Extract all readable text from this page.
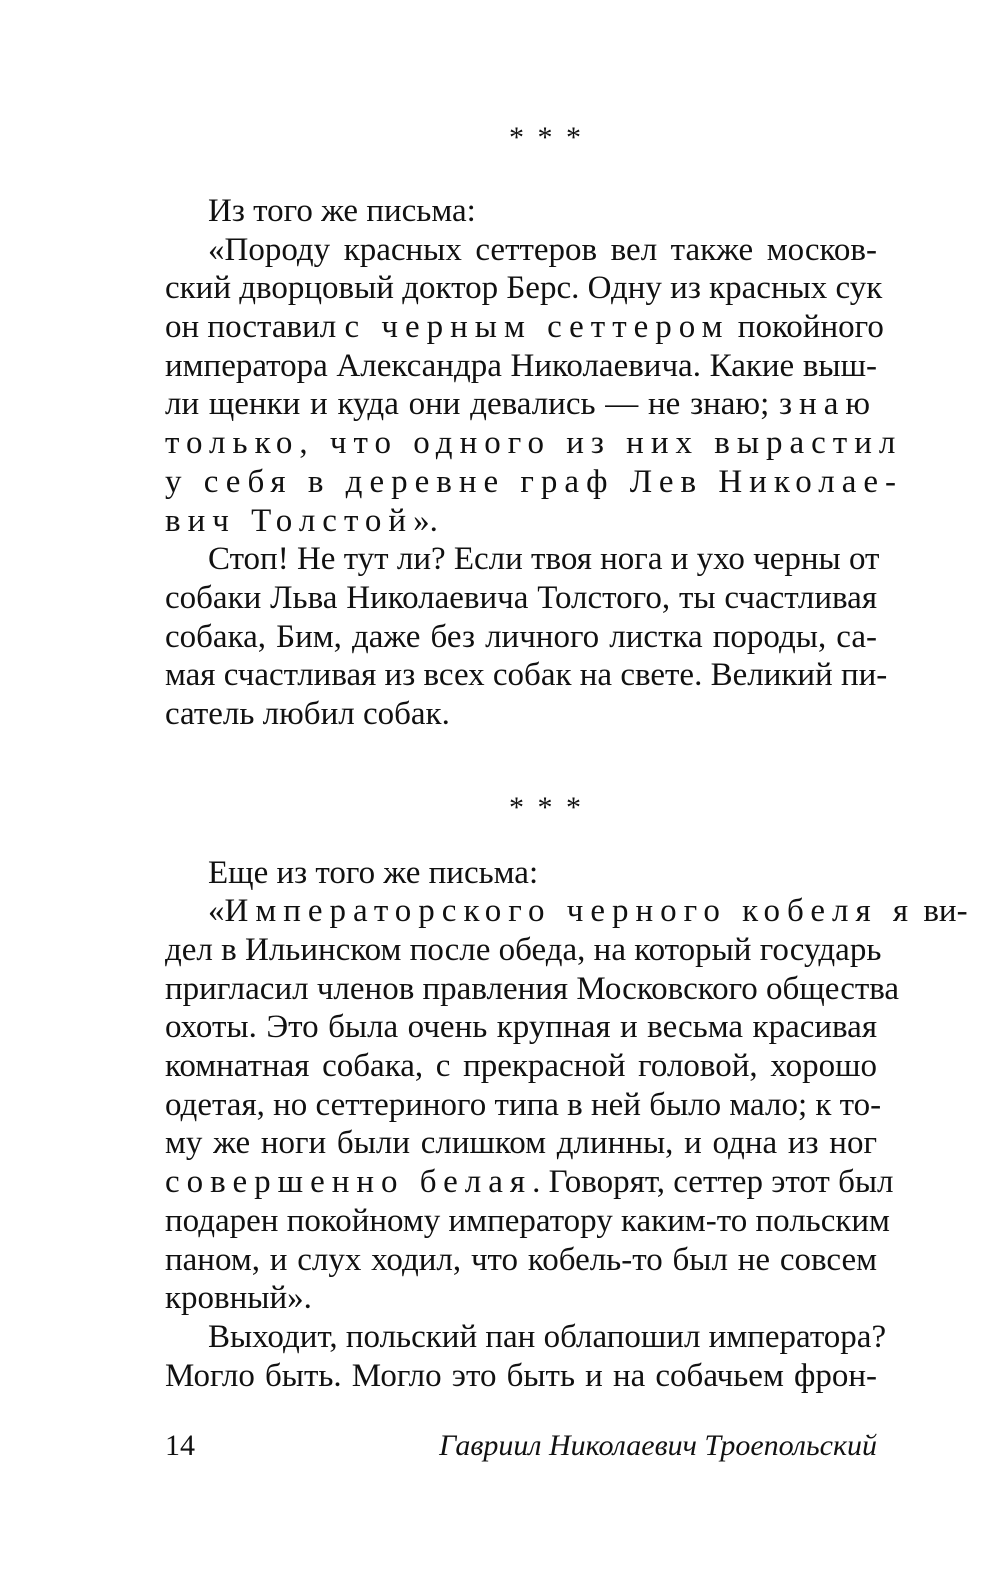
* * *
Из того же письма:
«Породу красных сеттеров вел также москов-
ский дворцовый доктор Берс. Одну из красных сук
он поставил с черным сеттером покойного
императора Александра Николаевича. Какие выш-
ли щенки и куда они девались — не знаю; знаю
только, что одного из них вырастил
у себя в деревне граф Лев Николае-
вич Толстой».
Стоп! Не тут ли? Если твоя нога и ухо черны от
собаки Льва Николаевича Толстого, ты счастливая
собака, Бим, даже без личного листка породы, са-
мая счастливая из всех собак на свете. Великий пи-
сатель любил собак.
* * *
Еще из того же письма:
«Императорского черного кобеля я ви-
дел в Ильинском после обеда, на который государь
пригласил членов правления Московского общества
охоты. Это была очень крупная и весьма красивая
комнатная собака, с прекрасной головой, хорошо
одетая, но сеттериного типа в ней было мало; к то-
му же ноги были слишком длинны, и одна из ног
совершенно белая. Говорят, сеттер этот был
подарен покойному императору каким-то польским
паном, и слух ходил, что кобель-то был не совсем
кровный».
Выходит, польский пан облапошил императора?
Могло быть. Могло это быть и на собачьем фрон-
14	Гавриил Николаевич Троепольский
